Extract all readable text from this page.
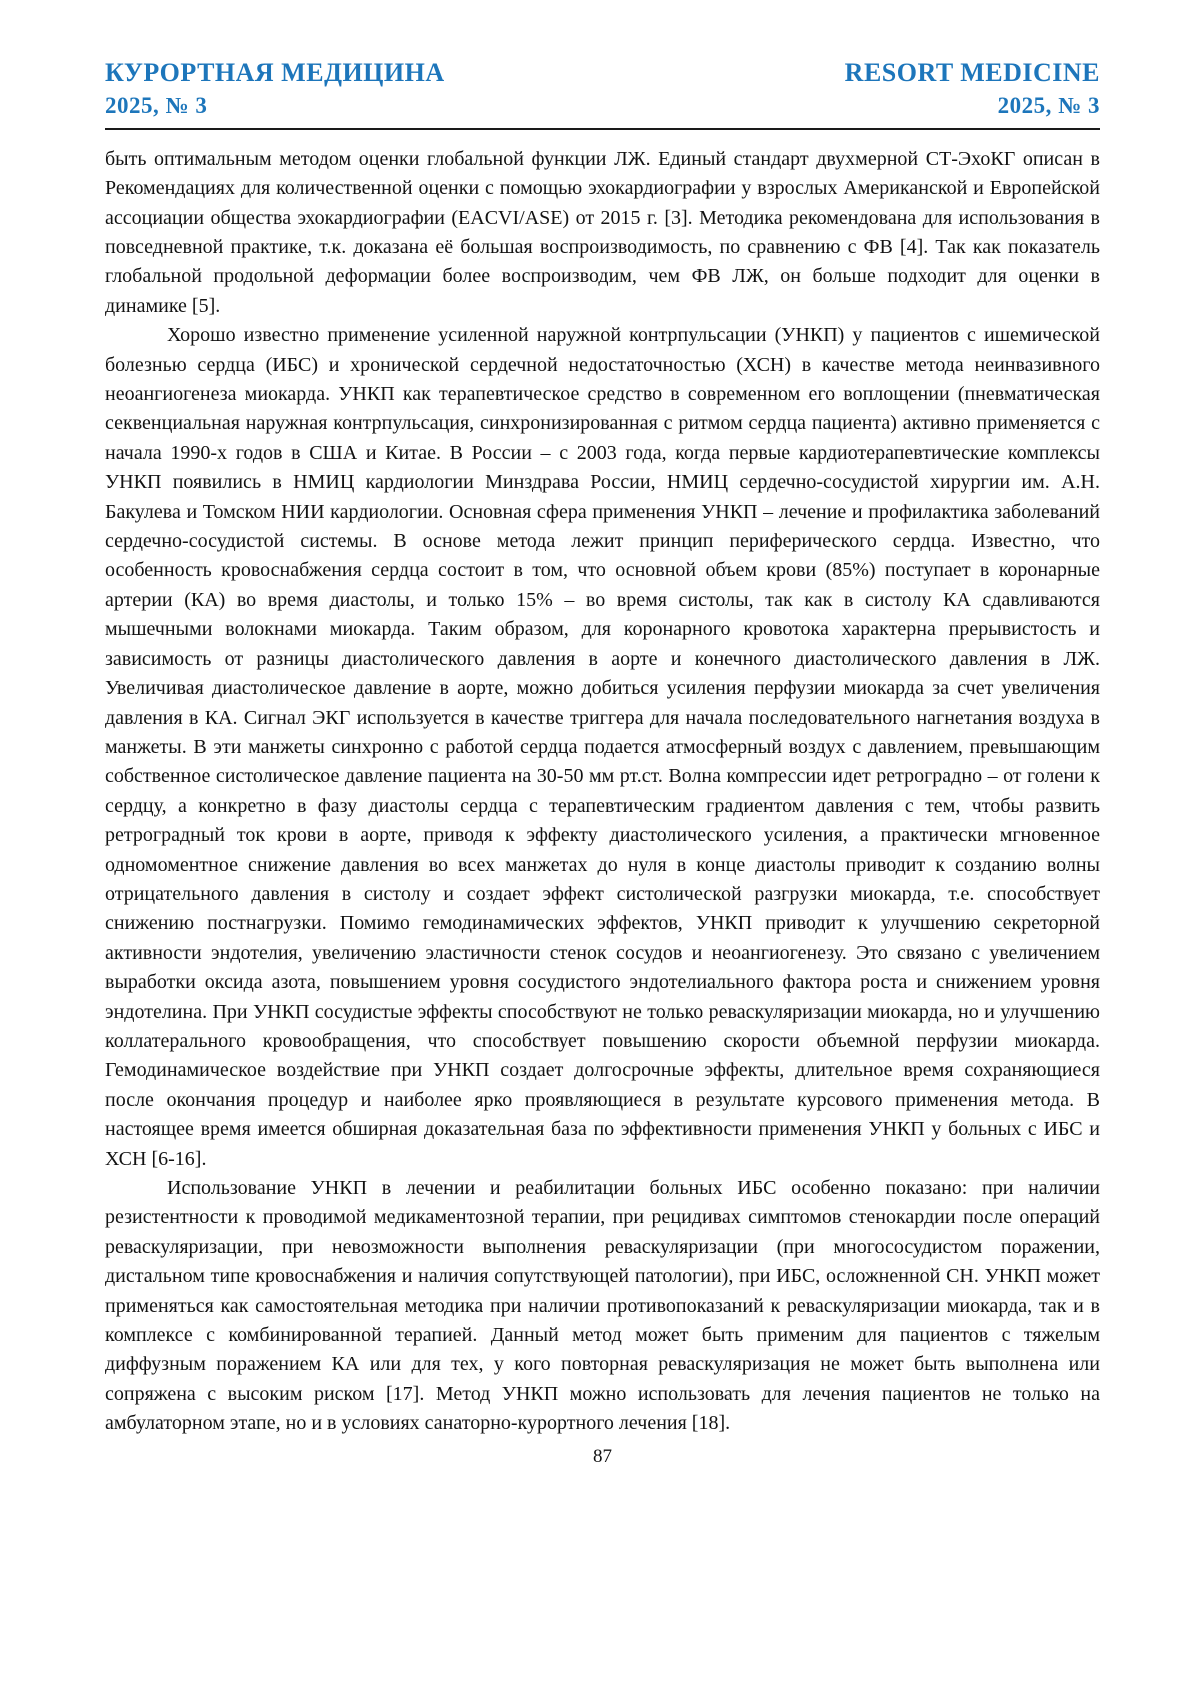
КУРОРТНАЯ МЕДИЦИНА
2025, № 3
RESORT MEDICINE
2025, № 3

быть оптимальным методом оценки глобальной функции ЛЖ. Единый стандарт двухмерной СТ-ЭхоКГ описан в Рекомендациях для количественной оценки с помощью эхокардиографии у взрослых Американской и Европейской ассоциации общества эхокардиографии (EACVI/ASE) от 2015 г. [3]. Методика рекомендована для использования в повседневной практике, т.к. доказана её большая воспроизводимость, по сравнению с ФВ [4]. Так как показатель глобальной продольной деформации более воспроизводим, чем ФВ ЛЖ, он больше подходит для оценки в динамике [5].

Хорошо известно применение усиленной наружной контрпульсации (УНКП) у пациентов с ишемической болезнью сердца (ИБС) и хронической сердечной недостаточностью (ХСН) в качестве метода неинвазивного неоангиогенеза миокарда. УНКП как терапевтическое средство в современном его воплощении (пневматическая секвенциальная наружная контрпульсация, синхронизированная с ритмом сердца пациента) активно применяется с начала 1990-х годов в США и Китае. В России – с 2003 года, когда первые кардиотерапевтические комплексы УНКП появились в НМИЦ кардиологии Минздрава России, НМИЦ сердечно-сосудистой хирургии им. А.Н. Бакулева и Томском НИИ кардиологии. Основная сфера применения УНКП – лечение и профилактика заболеваний сердечно-сосудистой системы. В основе метода лежит принцип периферического сердца. Известно, что особенность кровоснабжения сердца состоит в том, что основной объем крови (85%) поступает в коронарные артерии (КА) во время диастолы, и только 15% – во время систолы, так как в систолу КА сдавливаются мышечными волокнами миокарда. Таким образом, для коронарного кровотока характерна прерывистость и зависимость от разницы диастолического давления в аорте и конечного диастолического давления в ЛЖ. Увеличивая диастолическое давление в аорте, можно добиться усиления перфузии миокарда за счет увеличения давления в КА. Сигнал ЭКГ используется в качестве триггера для начала последовательного нагнетания воздуха в манжеты. В эти манжеты синхронно с работой сердца подается атмосферный воздух с давлением, превышающим собственное систолическое давление пациента на 30-50 мм рт.ст. Волна компрессии идет ретроградно – от голени к сердцу, а конкретно в фазу диастолы сердца с терапевтическим градиентом давления с тем, чтобы развить ретроградный ток крови в аорте, приводя к эффекту диастолического усиления, а практически мгновенное одномоментное снижение давления во всех манжетах до нуля в конце диастолы приводит к созданию волны отрицательного давления в систолу и создает эффект систолической разгрузки миокарда, т.е. способствует снижению постнагрузки. Помимо гемодинамических эффектов, УНКП приводит к улучшению секреторной активности эндотелия, увеличению эластичности стенок сосудов и неоангиогенезу. Это связано с увеличением выработки оксида азота, повышением уровня сосудистого эндотелиального фактора роста и снижением уровня эндотелина. При УНКП сосудистые эффекты способствуют не только реваскуляризации миокарда, но и улучшению коллатерального кровообращения, что способствует повышению скорости объемной перфузии миокарда. Гемодинамическое воздействие при УНКП создает долгосрочные эффекты, длительное время сохраняющиеся после окончания процедур и наиболее ярко проявляющиеся в результате курсового применения метода. В настоящее время имеется обширная доказательная база по эффективности применения УНКП у больных с ИБС и ХСН [6-16].

Использование УНКП в лечении и реабилитации больных ИБС особенно показано: при наличии резистентности к проводимой медикаментозной терапии, при рецидивах симптомов стенокардии после операций реваскуляризации, при невозможности выполнения реваскуляризации (при многососудистом поражении, дистальном типе кровоснабжения и наличия сопутствующей патологии), при ИБС, осложненной СН. УНКП может применяться как самостоятельная методика при наличии противопоказаний к реваскуляризации миокарда, так и в комплексе с комбинированной терапией. Данный метод может быть применим для пациентов с тяжелым диффузным поражением КА или для тех, у кого повторная реваскуляризация не может быть выполнена или сопряжена с высоким риском [17]. Метод УНКП можно использовать для лечения пациентов не только на амбулаторном этапе, но и в условиях санаторно-курортного лечения [18].

87
